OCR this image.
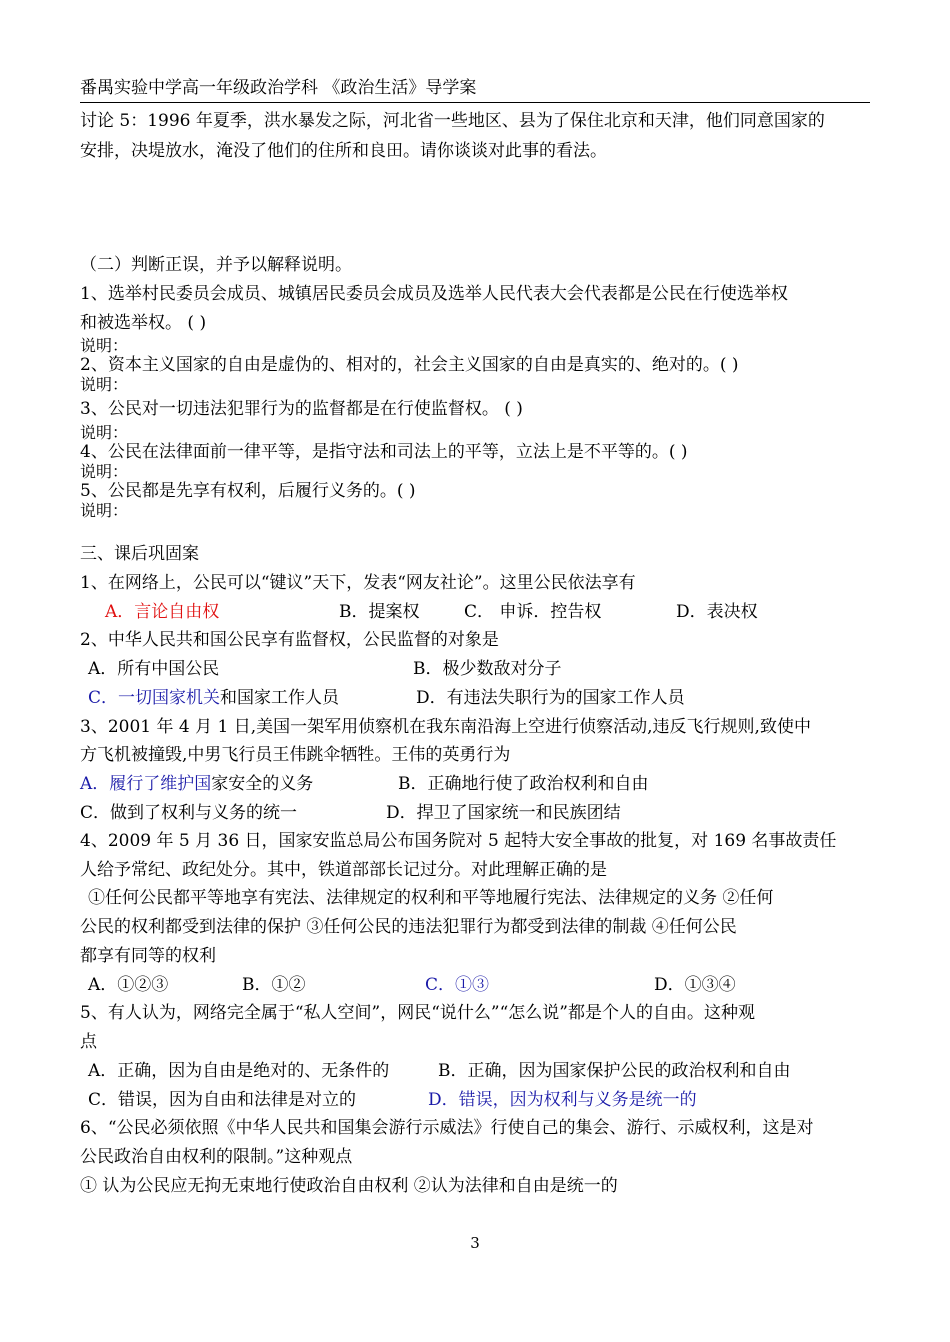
番禺实验中学高一年级政治学科 《政治生活》导学案
讨论 5：1996 年夏季，洪水暴发之际，河北省一些地区、县为了保住北京和天津，他们同意国家的
安排，决堤放水，淹没了他们的住所和良田。请你谈谈对此事的看法。
（二）判断正误，并予以解释说明。
1、选举村民委员会成员、城镇居民委员会成员及选举人民代表大会代表都是公民在行使选举权
和被选举权。 ( )
说明：
2、资本主义国家的自由是虚伪的、相对的，社会主义国家的自由是真实的、绝对的。( )
说明：
3、公民对一切违法犯罪行为的监督都是在行使监督权。 ( )
说明：
4、公民在法律面前一律平等，是指守法和司法上的平等，立法上是不平等的。( )
说明：
5、公民都是先享有权利，后履行义务的。( )
说明：
三、课后巩固案
1、在网络上，公民可以“键议”天下，发表“网友社论”。这里公民依法享有
A．言论自由权	B．提案权	C． 申诉．控告权	D．表决权
2、中华人民共和国公民享有监督权，公民监督的对象是
A．所有中国公民	B．极少数敌对分子
C．一切国家机关和国家工作人员	D．有违法失职行为的国家工作人员
3、2001 年 4 月 1 日,美国一架军用侦察机在我东南沿海上空进行侦察活动,违反飞行规则,致使中
方飞机被撞毁,中男飞行员王伟跳伞牺牲。王伟的英勇行为
A．履行了维护国家安全的义务	B．正确地行使了政治权利和自由
C．做到了权利与义务的统一	D．捍卫了国家统一和民族团结
4、2009 年 5 月 36 日，国家安监总局公布国务院对 5 起特大安全事故的批复，对 169 名事故责任
人给予常纪、政纪处分。其中，铁道部部长记过分。对此理解正确的是
①任何公民都平等地享有宪法、法律规定的权利和平等地履行宪法、法律规定的义务 ②任何
公民的权利都受到法律的保护 ③任何公民的违法犯罪行为都受到法律的制裁 ④任何公民
都享有同等的权利
A．①②③	B．①②	C．①③	D．①③④
5、有人认为，网络完全属于“私人空间”，网民“说什么”“怎么说”都是个人的自由。这种观
点
A．正确，因为自由是绝对的、无条件的	B．正确，因为国家保护公民的政治权利和自由
C．错误，因为自由和法律是对立的	D．错误，因为权利与义务是统一的
6、“公民必须依照《中华人民共和国集会游行示威法》行使自己的集会、游行、示威权利，这是对
公民政治自由权利的限制。”这种观点
① 认为公民应无拘无束地行使政治自由权利 ②认为法律和自由是统一的
3
